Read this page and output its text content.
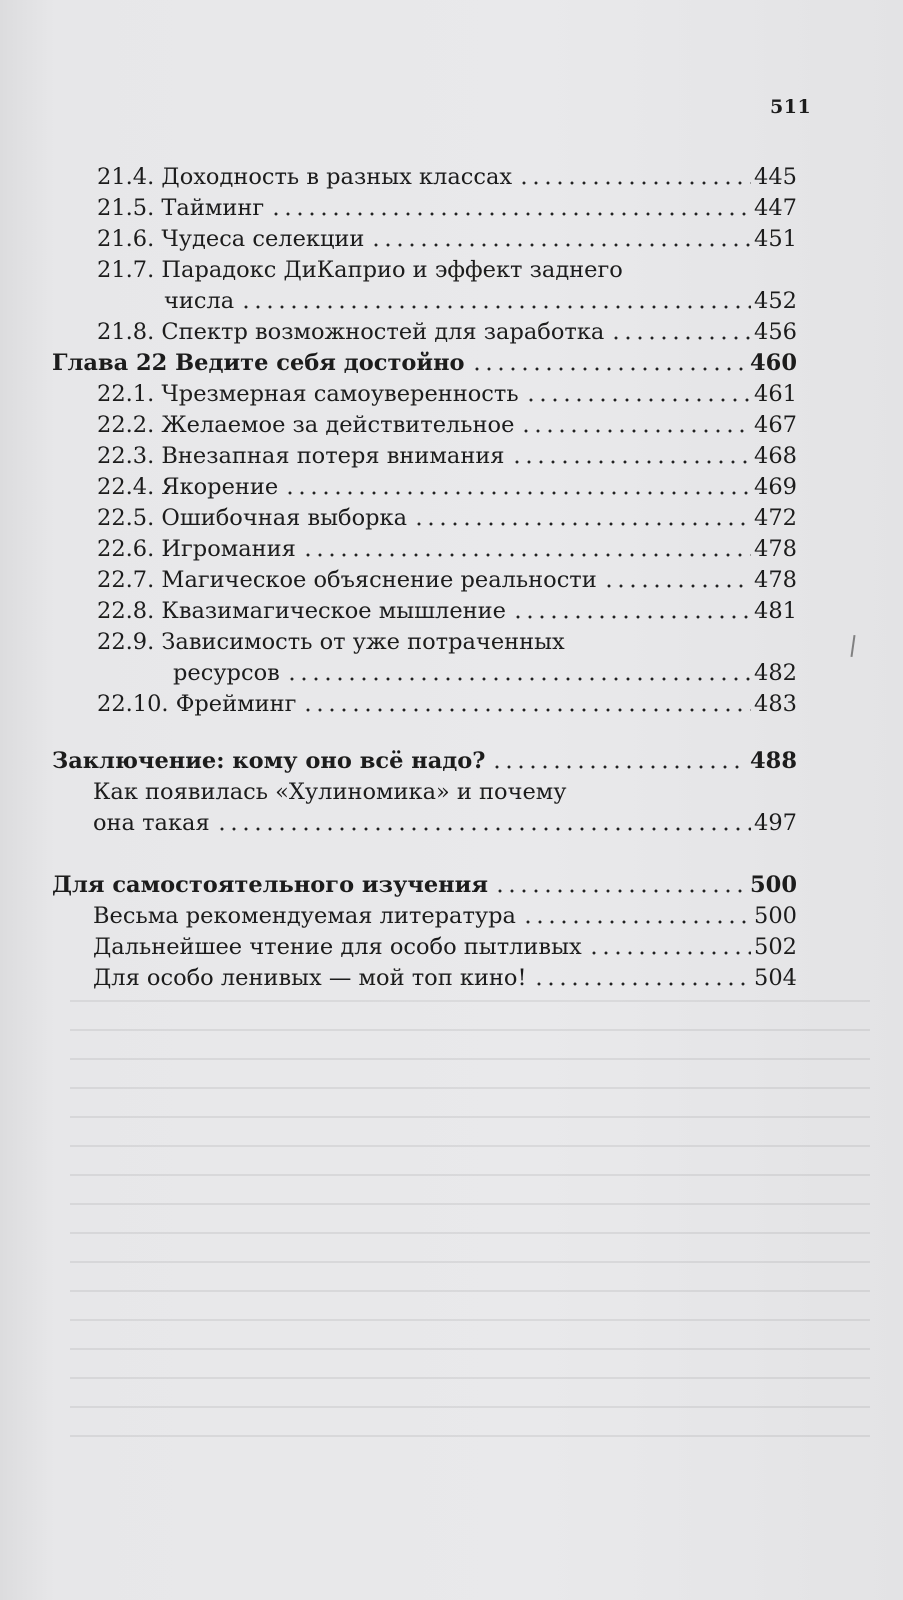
511
21.4. Доходность в разных классах	445
21.5. Тайминг	447
21.6. Чудеса селекции	451
21.7. Парадокс ДиКаприо и эффект заднего
числа	452
21.8. Спектр возможностей для заработка	456
Глава 22 Ведите себя достойно	460
22.1. Чрезмерная самоуверенность	461
22.2. Желаемое за действительное	467
22.3. Внезапная потеря внимания	468
22.4. Якорение	469
22.5. Ошибочная выборка	472
22.6. Игромания	478
22.7. Магическое объяснение реальности	478
22.8. Квазимагическое мышление	481
22.9. Зависимость от уже потраченных
ресурсов	482
22.10. Фрейминг	483
Заключение: кому оно всё надо?	488
Как появилась «Хулиномика» и почему
она такая	497
Для самостоятельного изучения	500
Весьма рекомендуемая литература	500
Дальнейшее чтение для особо пытливых	502
Для особо ленивых — мой топ кино!	504
